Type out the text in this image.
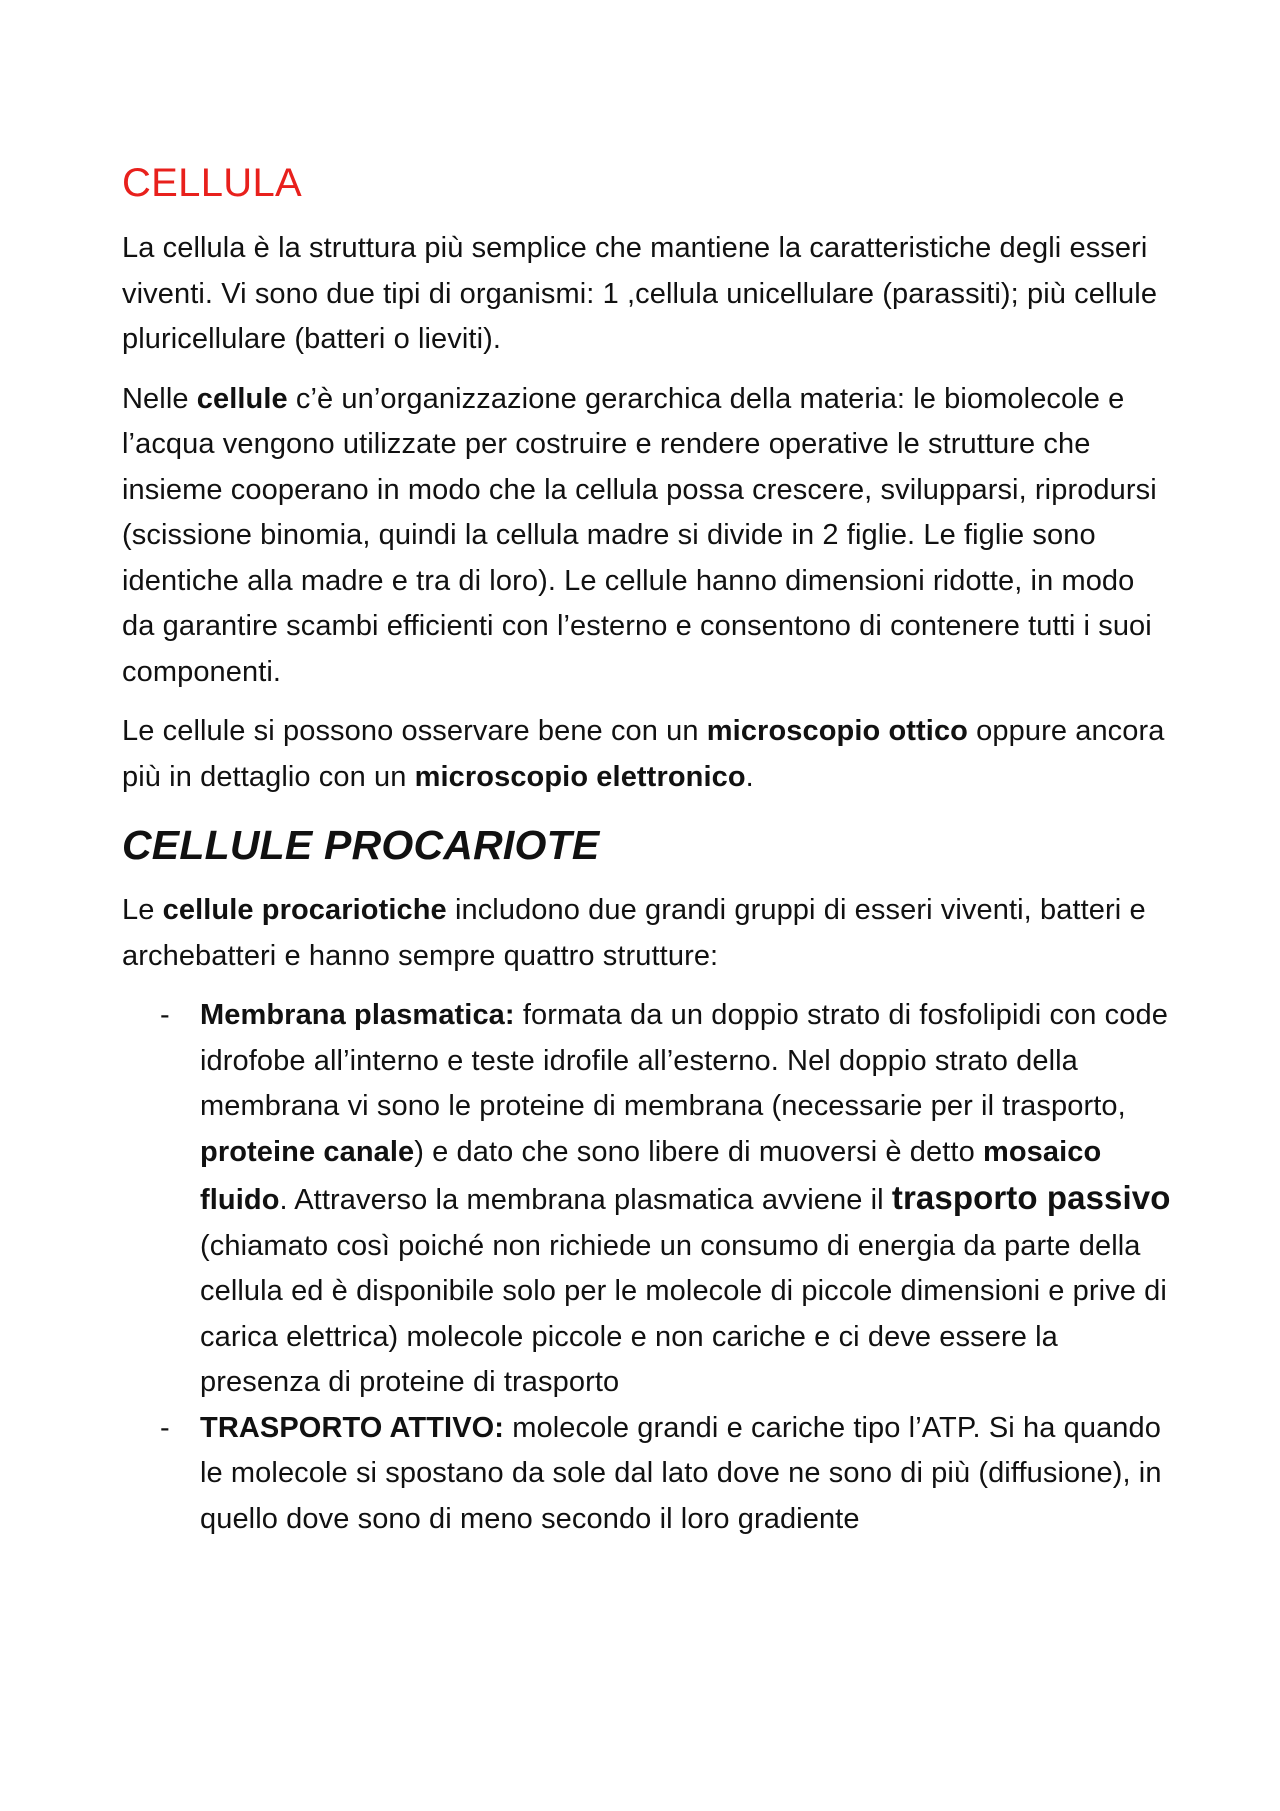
CELLULA

La cellula è la struttura più semplice che mantiene la caratteristiche degli esseri viventi. Vi sono due tipi di organismi: 1 ,cellula unicellulare (parassiti); più cellule pluricellulare (batteri o lieviti).

Nelle cellule c’è un’organizzazione gerarchica della materia: le biomolecole e l’acqua vengono utilizzate per costruire e rendere operative le strutture che insieme cooperano in modo che la cellula possa crescere, svilupparsi, riprodursi (scissione binomia, quindi la cellula madre si divide in 2 figlie. Le figlie sono identiche alla madre e tra di loro). Le cellule hanno dimensioni ridotte, in modo da garantire scambi efficienti con l’esterno e consentono di contenere tutti i suoi componenti.

Le cellule si possono osservare bene con un microscopio ottico oppure ancora più in dettaglio con un microscopio elettronico.

CELLULE PROCARIOTE

Le cellule procariotiche includono due grandi gruppi di esseri viventi, batteri e archebatteri e hanno sempre quattro strutture:

- Membrana plasmatica: formata da un doppio strato di fosfolipidi con code idrofobe all’interno e teste idrofile all’esterno. Nel doppio strato della membrana vi sono le proteine di membrana (necessarie per il trasporto, proteine canale) e dato che sono libere di muoversi è detto mosaico fluido. Attraverso la membrana plasmatica avviene il trasporto passivo (chiamato così poiché non richiede un consumo di energia da parte della cellula ed è disponibile solo per le molecole di piccole dimensioni e prive di carica elettrica) molecole piccole e non cariche e ci deve essere la presenza di proteine di trasporto
- TRASPORTO ATTIVO: molecole grandi e cariche tipo l’ATP. Si ha quando le molecole si spostano da sole dal lato dove ne sono di più (diffusione), in quello dove sono di meno secondo il loro gradiente
